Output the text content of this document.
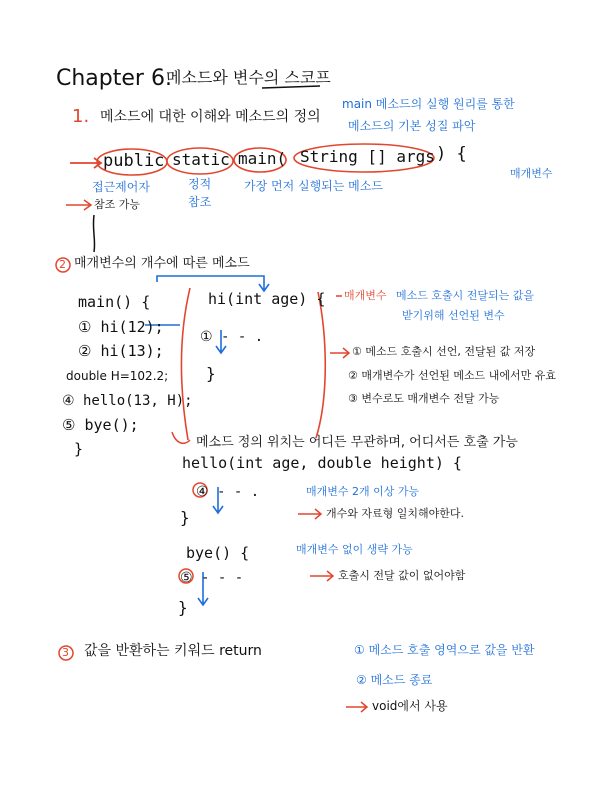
Chapter 6.
메소드와 변수의 스코프
1. 메소드에 대한 이해와 메소드의 정의
main 메소드의 실행 원리를 통한
메소드의 기본 성질 파악
public static main( String [] args ) {
매개변수
접근제어자
참조 가능
정적
참조
가장 먼저 실행되는 메소드
2 매개변수의 개수에 따른 메소드
main() {
① hi(12);
② hi(13);
double H=102.2;
④ hello(13, H);
⑤ bye();
}
hi(int age) {
① - - .
}
매개변수 메소드 호출시 전달되는 값을
받기위해 선언된 변수
① 메소드 호출시 선언, 전달된 값 저장
② 매개변수가 선언된 메소드 내에서만 유효
③ 변수로도 매개변수 전달 가능
메소드 정의 위치는 어디든 무관하며, 어디서든 호출 가능
hello(int age, double height) {
④ - - .
}
매개변수 2개 이상 가능
개수와 자료형 일치해야한다.
bye() {
⑤ - - -
}
매개변수 없이 생략 가능
호출시 전달 값이 없어야함
3 값을 반환하는 키워드 return	① 메소드 호출 영역으로 값을 반환
② 메소드 종료
void에서 사용
